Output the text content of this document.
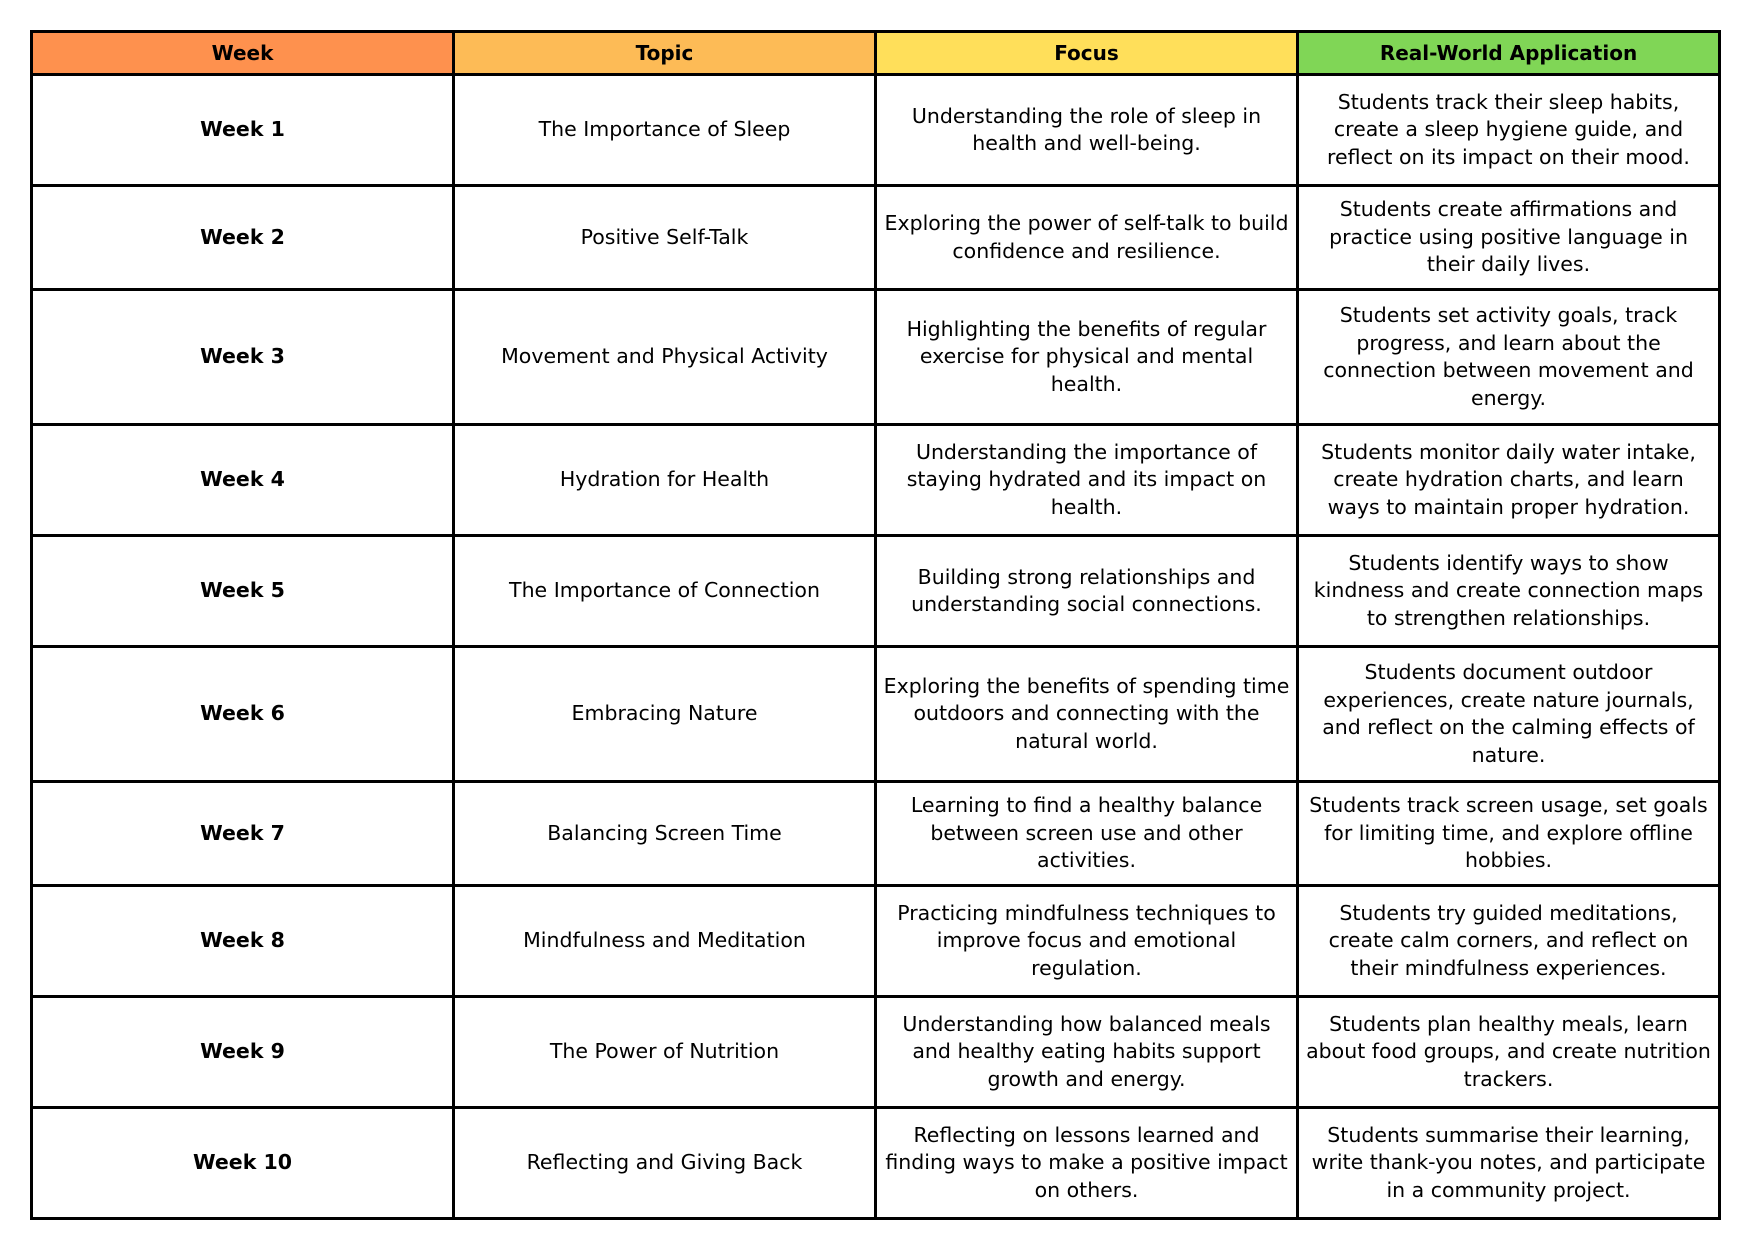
Week	Topic	Focus	Real-World Application
Week 1	The Importance of Sleep	Understanding the role of sleep in health and well-being.	Students track their sleep habits, create a sleep hygiene guide, and reflect on its impact on their mood.
Week 2	Positive Self-Talk	Exploring the power of self-talk to build confidence and resilience.	Students create affirmations and practice using positive language in their daily lives.
Week 3	Movement and Physical Activity	Highlighting the benefits of regular exercise for physical and mental health.	Students set activity goals, track progress, and learn about the connection between movement and energy.
Week 4	Hydration for Health	Understanding the importance of staying hydrated and its impact on health.	Students monitor daily water intake, create hydration charts, and learn ways to maintain proper hydration.
Week 5	The Importance of Connection	Building strong relationships and understanding social connections.	Students identify ways to show kindness and create connection maps to strengthen relationships.
Week 6	Embracing Nature	Exploring the benefits of spending time outdoors and connecting with the natural world.	Students document outdoor experiences, create nature journals, and reflect on the calming effects of nature.
Week 7	Balancing Screen Time	Learning to find a healthy balance between screen use and other activities.	Students track screen usage, set goals for limiting time, and explore offline hobbies.
Week 8	Mindfulness and Meditation	Practicing mindfulness techniques to improve focus and emotional regulation.	Students try guided meditations, create calm corners, and reflect on their mindfulness experiences.
Week 9	The Power of Nutrition	Understanding how balanced meals and healthy eating habits support growth and energy.	Students plan healthy meals, learn about food groups, and create nutrition trackers.
Week 10	Reflecting and Giving Back	Reflecting on lessons learned and finding ways to make a positive impact on others.	Students summarise their learning, write thank-you notes, and participate in a community project.
